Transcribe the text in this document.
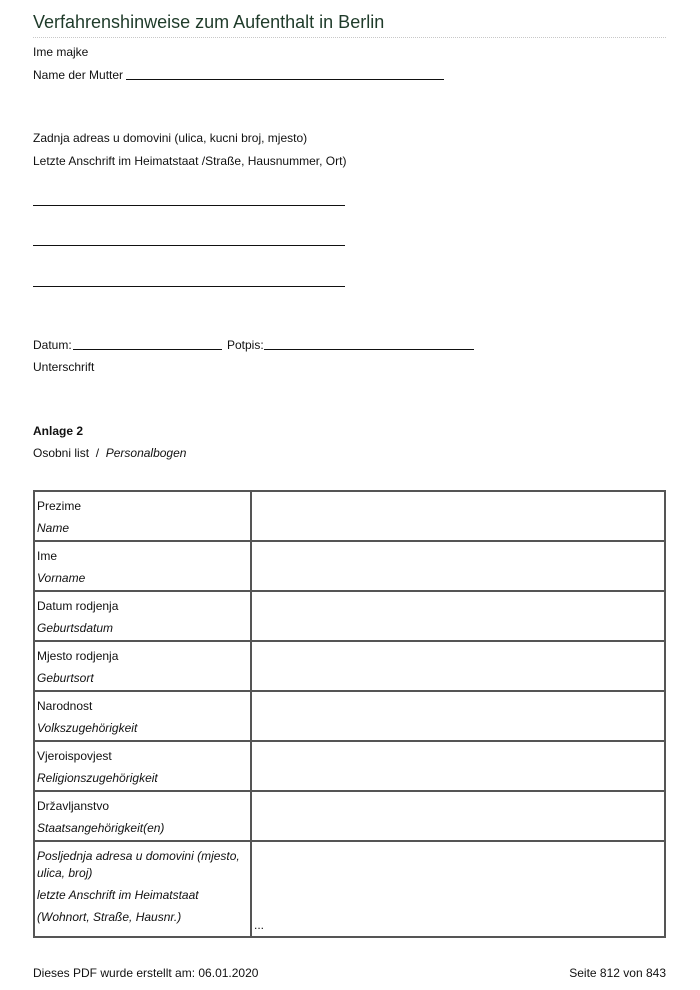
Verfahrenshinweise zum Aufenthalt in Berlin
Ime majke
Name der Mutter
Zadnja adreas u domovini (ulica, kucni broj, mjesto)
Letzte Anschrift im Heimatstaat /Straße, Hausnummer, Ort)
Datum:	Potpis:
Unterschrift
Anlage 2
Osobni list / Personalbogen
Prezime
Name	

Ime
Vorname	

Datum rodjenja
Geburtsdatum	

Mjesto rodjenja
Geburtsort	

Narodnost
Volkszugehörigkeit	

Vjeroispovjest
Religionszugehörigkeit	

Državljanstvo
Staatsangehörigkeit(en)	

Posljednja adresa u domovini (mjesto,
ulica, broj)
letzte Anschrift im Heimatstaat
(Wohnort, Straße, Hausnr.)	...
Dieses PDF wurde erstellt am: 06.01.2020	Seite 812 von 843
